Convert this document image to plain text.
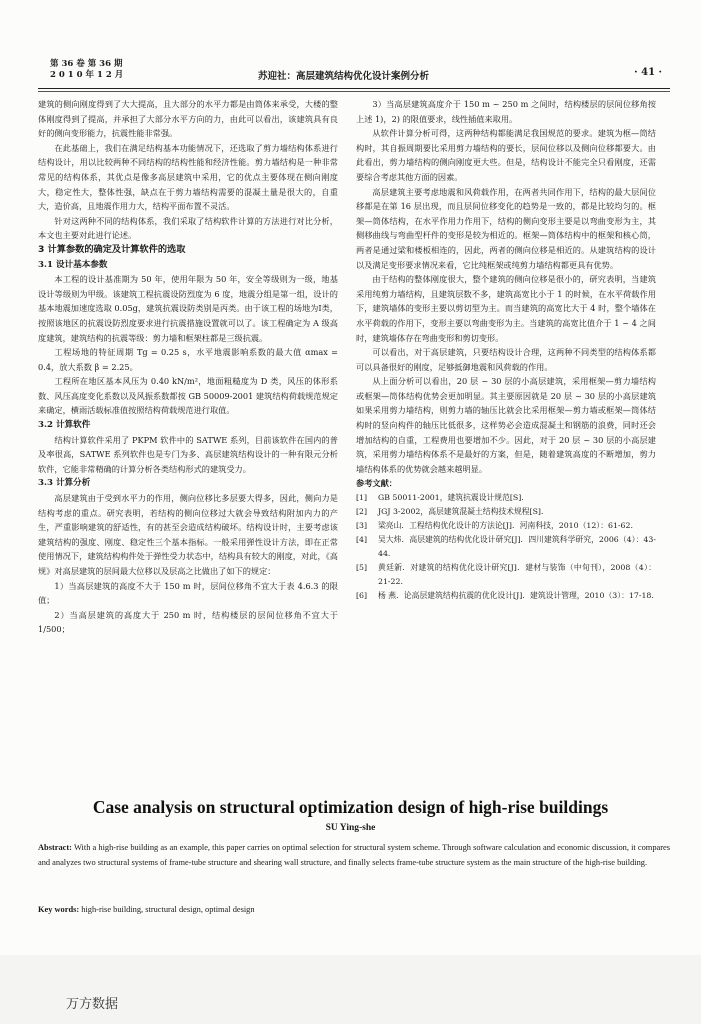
第 36 卷 第 36 期
2 0 1 0 年 1 2 月	苏迎社：高层建筑结构优化设计案例分析	· 41 ·

建筑的侧向刚度得到了大大提高，且大部分的水平力都是由筒体来承受，大楼的整体刚度得到了提高，并承担了大部分水平方向的力，由此可以看出，该建筑具有良好的侧向变形能力，抗震性能非常强。

在此基础上，我们在满足结构基本功能情况下，还选取了剪力墙结构体系进行结构设计，用以比较两种不同结构的结构性能和经济性能。剪力墙结构是一种非常常见的结构体系，其优点是像多高层建筑中采用，它的优点主要体现在侧向刚度大，稳定性大，整体性强，缺点在于剪力墙结构需要的混凝土量是很大的，自重大，造价高，且地震作用力大，结构平面布置不灵活。

针对这两种不同的结构体系，我们采取了结构软件计算的方法进行对比分析，本文也主要对此进行论述。

3 计算参数的确定及计算软件的选取

3.1 设计基本参数

本工程的设计基准期为 50 年，使用年限为 50 年，安全等级则为一级，地基设计等级则为甲级。该建筑工程抗震设防烈度为 6 度，地震分组是第一组，设计的基本地震加速度选取 0.05g，建筑抗震设防类别是丙类。由于该工程的场地为Ⅰ类，按照该地区的抗震设防烈度要求进行抗震措施设置就可以了。该工程确定为 A 级高度建筑，建筑结构的抗震等级：剪力墙和框架柱都是三级抗震。

工程场地的特征周期 Tg = 0.25 s，水平地震影响系数的最大值 αmax = 0.4，放大系数 β = 2.25。

工程所在地区基本风压为 0.40 kN/m²，地面粗糙度为 D 类，风压的体形系数、风压高度变化系数以及风振系数都按 GB 50009-2001 建筑结构荷载规范规定来确定，横雨活载标准值按照结构荷载规范进行取值。

3.2 计算软件

结构计算软件采用了 PKPM 软件中的 SATWE 系列，目前该软件在国内的普及率很高，SATWE 系列软件也是专门为多、高层建筑结构设计的一种有限元分析软件，它能非常精确的计算分析各类结构形式的建筑受力。

3.3 计算分析

高层建筑由于受到水平力的作用，侧向位移比多层要大得多，因此，侧向力是结构考虑的重点。研究表明，若结构的侧向位移过大就会导致结构附加内力的产生，严重影响建筑的舒适性，有的甚至会造成结构破坏。结构设计时，主要考虑该建筑结构的强度、刚度、稳定性三个基本指标。一般采用弹性设计方法，即在正常使用情况下，建筑结构构件处于弹性受力状态中，结构具有较大的刚度，对此，《高规》对高层建筑的层间最大位移以及层高之比做出了如下的规定：

1）当高层建筑的高度不大于 150 m 时，层间位移角不宜大于表 4.6.3 的限值；

2）当高层建筑的高度大于 250 m 时，结构楼层的层间位移角不宜大于 1/500；

3）当高层建筑高度介于 150 m ~ 250 m 之间时，结构楼层的层间位移角按上述 1)，2) 的限值要求，线性插值来取用。

从软件计算分析可得，这两种结构都能满足我国规范的要求。建筑为框—筒结构时，其自振周期要比采用剪力墙结构的要长，层间位移以及侧向位移都要大。由此看出，剪力墙结构的侧向刚度更大些。但是，结构设计不能完全只看刚度，还需要综合考虑其他方面的因素。

高层建筑主要考虑地震和风荷载作用，在两者共同作用下，结构的最大层间位移都是在第 16 层出现，而且层间位移变化的趋势是一致的，都是比较均匀的。框架—筒体结构，在水平作用力作用下，结构的侧向变形主要是以弯曲变形为主，其侧移曲线与弯曲型杆件的变形是较为相近的。框架—筒体结构中的框架和核心筒，两者是通过梁和楼板相连的，因此，两者的侧向位移是相近的。从建筑结构的设计以及满足变形要求情况来看，它比纯框架或纯剪力墙结构都更具有优势。

由于结构的整体刚度很大，整个建筑的侧向位移是很小的，研究表明，当建筑采用纯剪力墙结构，且建筑层数不多，建筑高宽比小于 1 的时候，在水平荷载作用下，建筑墙体的变形主要以剪切型为主。而当建筑的高宽比大于 4 时，整个墙体在水平荷载的作用下，变形主要以弯曲变形为主。当建筑的高宽比值介于 1 ~ 4 之间时，建筑墙体存在弯曲变形和剪切变形。

可以看出，对于高层建筑，只要结构设计合理，这两种不同类型的结构体系都可以具备很好的刚度，足够抵御地震和风荷载的作用。

从上面分析可以看出，20 层 ~ 30 层的小高层建筑，采用框架—剪力墙结构或框架—筒体结构优势会更加明显。其主要原因就是 20 层 ~ 30 层的小高层建筑如果采用剪力墙结构，则剪力墙的轴压比就会比采用框架—剪力墙或框架—筒体结构时的竖向构件的轴压比低很多，这样势必会造成混凝土和钢筋的浪费，同时还会增加结构的自重，工程费用也要增加不少。因此，对于 20 层 ~ 30 层的小高层建筑，采用剪力墙结构体系不是最好的方案，但是，随着建筑高度的不断增加，剪力墙结构体系的优势就会越来越明显。

参考文献：

[1]	GB 50011-2001，建筑抗震设计规范[S].
[2]	JGJ 3-2002，高层建筑混凝土结构技术规程[S].
[3]	梁亮山．工程结构优化设计的方法论[J]．河南科技，2010（12）：61-62.
[4]	吴大炜．高层建筑的结构优化设计研究[J]．四川建筑科学研究，2006（4）：43-44.
[5]	黄廷新．对建筑的结构优化设计研究[J]．建材与装饰（中旬刊），2008（4）：21-22.
[6]	杨 燕．论高层建筑结构抗震的优化设计[J]．建筑设计管理，2010（3）：17-18.
Case analysis on structural optimization design of high-rise buildings
SU Ying-she
Abstract: With a high-rise building as an example, this paper carries on optimal selection for structural system scheme. Through software calculation and economic discussion, it compares and analyzes two structural systems of frame-tube structure and shearing wall structure, and finally selects frame-tube structure system as the main structure of the high-rise building.
Key words: high-rise building, structural design, optimal design
万方数据
